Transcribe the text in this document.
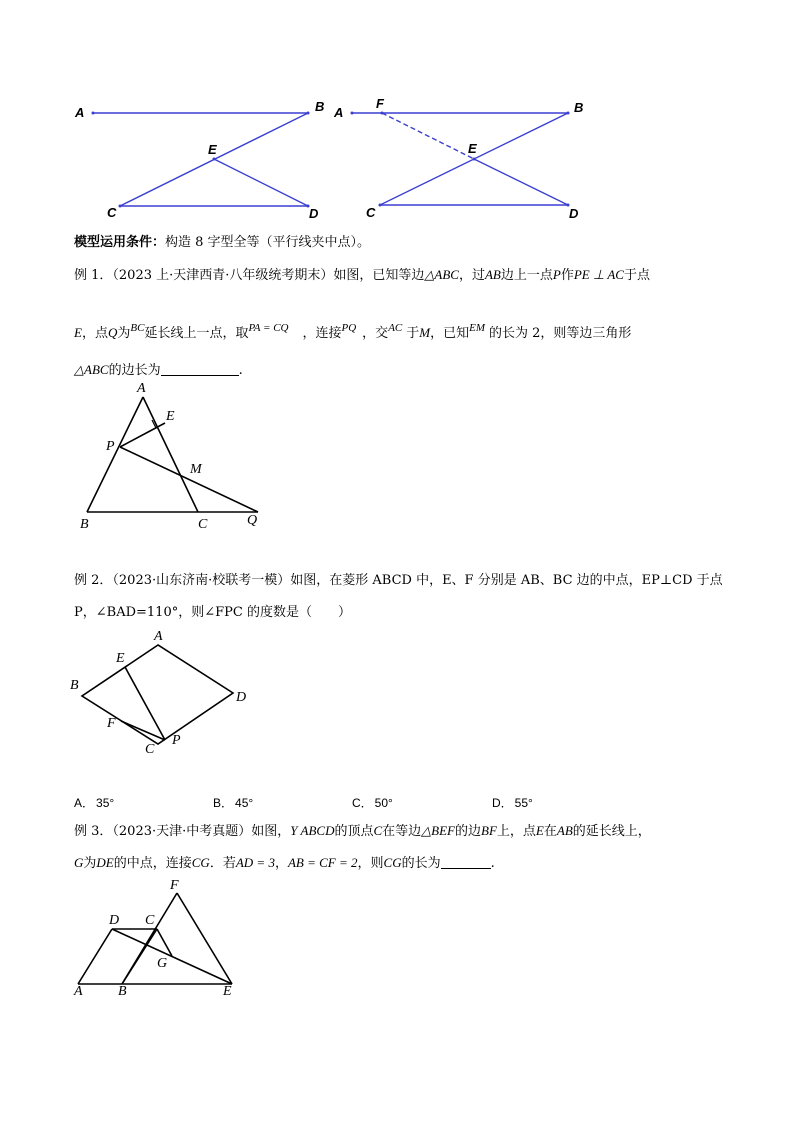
A	B
E
C	D
A
F	B
E
C	D
模型运用条件：构造 8 字型全等（平行线夹中点）。
例 1．（2023 上·天津西青·八年级统考期末）如图，已知等边△ABC，过AB边上一点P作PE ⊥ AC于点
E，点Q为$^{BC}$延长线上一点，取$^{PA = CQ}$ ，连接$^{PQ}$ ，交$^{AC}$ 于M，已知$^{EM}$ 的长为 2，则等边三角形
△ABC的边长为	.
A
E
P
M
B	C	Q
例 2．（2023·山东济南·校联考一模）如图，在菱形 ABCD 中，E、F 分别是 AB、BC 边的中点，EP⊥CD 于点
P，∠BAD=110°，则∠FPC 的度数是（　　）
A
E
B
D
F
P
C
A． 35°	B． 45°	C． 50°	D． 55°
例 3．（2023·天津·中考真题）如图，Y ABCD的顶点C在等边△BEF的边BF上，点E在AB的延长线上，
G为DE的中点，连接CG．若AD = 3，AB = CF = 2，则CG的长为	.
F
D C
G
A	B	E
